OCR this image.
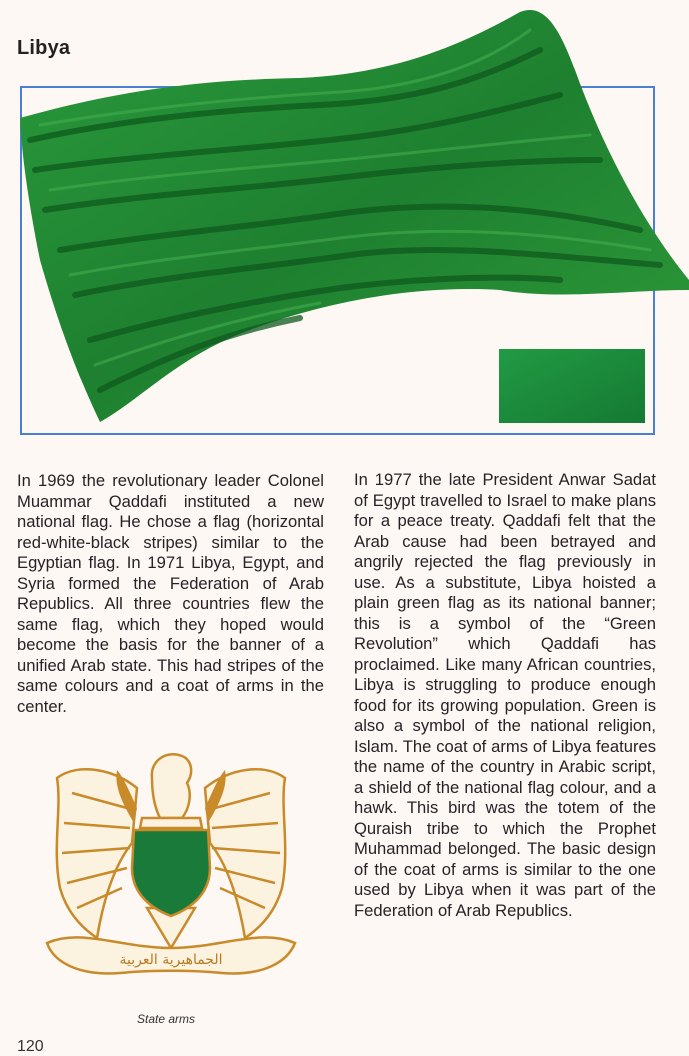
Libya
In 1969 the revolutionary leader Colonel Muammar Qaddafi instituted a new national flag. He chose a flag (horizontal red-white-black stripes) similar to the Egyptian flag. In 1971 Libya, Egypt, and Syria formed the Federation of Arab Republics. All three countries flew the same flag, which they hoped would become the basis for the banner of a unified Arab state. This had stripes of the same colours and a coat of arms in the center.
In 1977 the late President Anwar Sadat of Egypt travelled to Israel to make plans for a peace treaty. Qaddafi felt that the Arab cause had been betrayed and angrily rejected the flag previously in use. As a substitute, Libya hoisted a plain green flag as its national banner; this is a symbol of the “Green Revolution” which Qaddafi has proclaimed. Like many African countries, Libya is struggling to produce enough food for its growing population. Green is also a symbol of the national religion, Islam. The coat of arms of Libya features the name of the country in Arabic script, a shield of the national flag colour, and a hawk. This bird was the totem of the Quraish tribe to which the Prophet Muhammad belonged. The basic design of the coat of arms is similar to the one used by Libya when it was part of the Federation of Arab Republics.
الجماهيرية العربية
State arms
120
